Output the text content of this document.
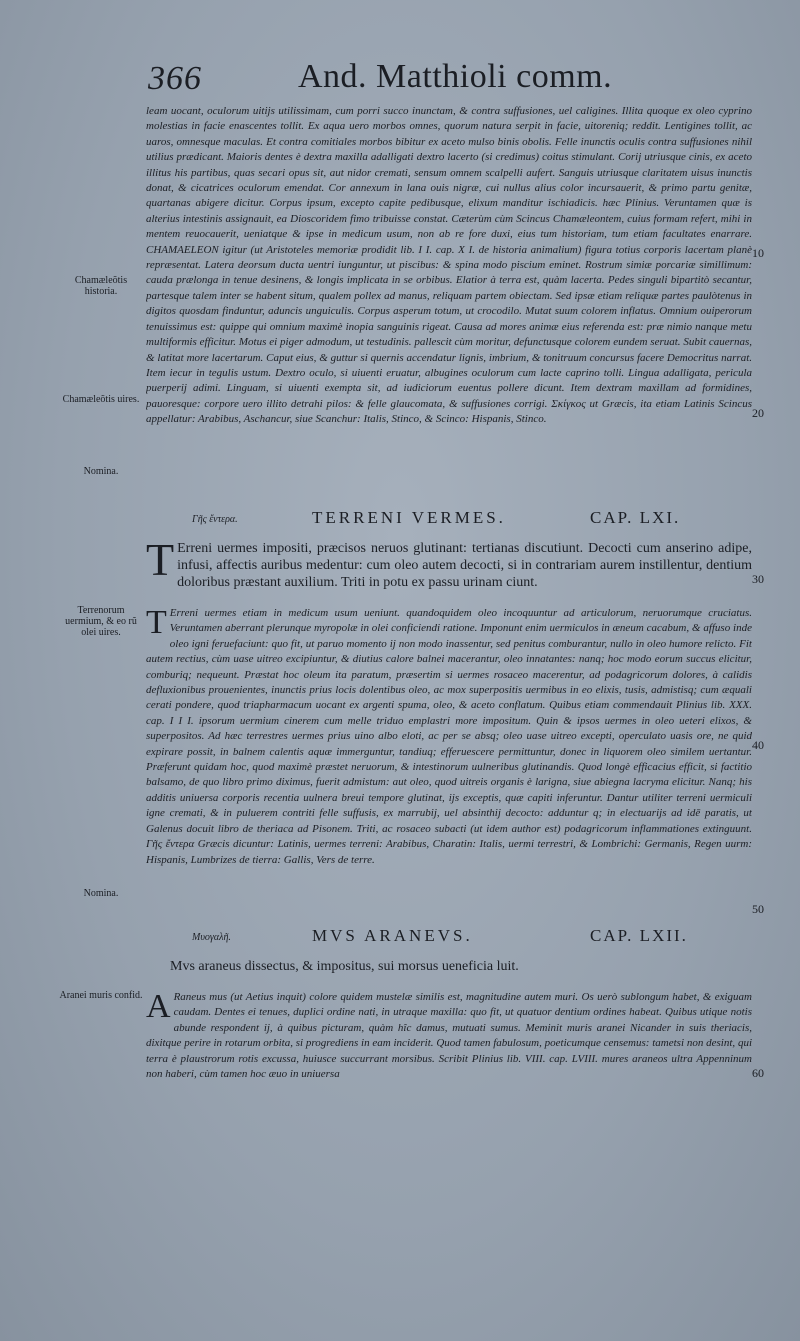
366	And. Matthioli comm.
Chamæleõtis historia.
Chamæleõtis uires.
Nomina.
Terrenorum uermium, & eo rũ olei uires.
Nomina.
Aranei muris confid.
10
20
30
40
50
60

leam uocant, oculorum uitijs utilissimam, cum porri succo inunctam, & contra suffusiones, uel caligines. Illita quoque ex oleo cyprino molestias in facie enascentes tollit. Ex aqua uero morbos omnes, quorum natura serpit in facie, uitoreniq; reddit. Lentigines tollit, ac uaros, omnesque maculas. Et contra comitiales morbos bibitur ex aceto mulso binis obolis. Felle inunctis oculis contra suffusiones nihil utilius prædicant. Maioris dentes è dextra maxilla adalligati dextro lacerto (si credimus) coitus stimulant. Corij utriusque cinis, ex aceto illitus his partibus, quas secari opus sit, aut nidor cremati, sensum omnem scalpelli aufert. Sanguis utriusque claritatem uisus inunctis donat, & cicatrices oculorum emendat. Cor annexum in lana ouis nigræ, cui nullus alius color incursauerit, & primo partu genitæ, quartanas abigere dicitur. Corpus ipsum, excepto capite pedibusque, elixum manditur ischiadicis. hæc Plinius. Veruntamen quæ is alterius intestinis assignauit, ea Dioscoridem fimo tribuisse constat. Cæterùm cùm Scincus Chamæleontem, cuius formam refert, mihi in mentem reuocauerit, ueniatque & ipse in medicum usum, non ab re fore duxi, eius tum historiam, tum etiam facultates enarrare. CHAMAELEON igitur (ut Aristoteles memoriæ prodidit lib. I I. cap. X I. de historia animalium) figura totius corporis lacertam planè repræsentat. Latera deorsum ducta uentri iunguntur, ut piscibus: & spina modo piscium eminet. Rostrum simiæ porcariæ simillimum: cauda prælonga in tenue desinens, & longis implicata in se orbibus. Elatior à terra est, quàm lacerta. Pedes singuli bipartitò secantur, partesque talem inter se habent situm, qualem pollex ad manus, reliquam partem obiectam. Sed ipsæ etiam reliquæ partes paulòtenus in digitos quosdam finduntur, aduncis unguiculis. Corpus asperum totum, ut crocodilo. Mutat suum colorem inflatus. Omnium ouiperorum tenuissimus est: quippe qui omnium maximè inopia sanguinis rigeat. Causa ad mores animæ eius referenda est: præ nimio nanque metu multiformis efficitur. Motus ei piger admodum, ut testudinis. pallescit cùm moritur, defunctusque colorem eundem seruat. Subit cauernas, & latitat more lacertarum. Caput eius, & guttur si quernis accendatur lignis, imbrium, & tonitruum concursus facere Democritus narrat. Item iecur in tegulis ustum. Dextro oculo, si uiuenti eruatur, albugines oculorum cum lacte caprino tolli. Lingua adalligata, pericula puerperij adimi. Linguam, si uiuenti exempta sit, ad iudiciorum euentus pollere dicunt. Item dextram maxillam ad formidines, pauoresque: corpore uero illito detrahi pilos: & felle glaucomata, & suffusiones corrigi. Σκίγκος ut Græcis, ita etiam Latinis Scincus appellatur: Arabibus, Aschancur, siue Scanchur: Italis, Stinco, & Scinco: Hispanis, Stinco.

Γῆς ἔντερα.	TERRENI VERMES.	CAP. LXI.
T Erreni uermes impositi, præcisos neruos glutinant: tertianas discutiunt. Decocti cum anserino adipe, infusi, affectis auribus medentur: cum oleo autem decocti, si in contrariam aurem instillentur, dentium doloribus præstant auxilium. Triti in potu ex passu urinam ciunt.

T Erreni uermes etiam in medicum usum ueniunt. quandoquidem oleo incoquuntur ad articulorum, neruorumque cruciatus. Veruntamen aberrant plerunque myropolæ in olei conficiendi ratione. Imponunt enim uermiculos in æneum cacabum, & affuso inde oleo igni feruefaciunt: quo fit, ut paruo momento ij non modo inassentur, sed penitus comburantur, nullo in oleo humore relicto. Fit autem rectius, cùm uase uitreo excipiuntur, & diutius calore balnei macerantur, oleo innatantes: nanq; hoc modo eorum succus elicitur, comburiq; nequeunt. Præstat hoc oleum ita paratum, præsertim si uermes rosaceo macerentur, ad podagricorum dolores, à calidis defluxionibus prouenientes, inunctis prius locis dolentibus oleo, ac mox superpositis uermibus in eo elixis, tusis, admistisq; cum æquali cerati pondere, quod triapharmacum uocant ex argenti spuma, oleo, & aceto conflatum. Quibus etiam commendauit Plinius lib. XXX. cap. I I I. ipsorum uermium cinerem cum melle triduo emplastri more impositum. Quin & ipsos uermes in oleo ueteri elixos, & superpositos. Ad hæc terrestres uermes prius uino albo eloti, ac per se absq; oleo uase uitreo excepti, operculato uasis ore, ne quid expirare possit, in balnem calentis aquæ immerguntur, tandiuq; efferuescere permittuntur, donec in liquorem oleo similem uertantur. Præferunt quidam hoc, quod maximè præstet neruorum, & intestinorum uulneribus glutinandis. Quod longè efficacius efficit, si factitio balsamo, de quo libro primo diximus, fuerit admistum: aut oleo, quod uitreis organis è larigna, siue abiegna lacryma elicitur. Nanq; his additis uniuersa corporis recentia uulnera breui tempore glutinat, ijs exceptis, quæ capiti inferuntur. Dantur utiliter terreni uermiculi igne cremati, & in puluerem contriti felle suffusis, ex marrubij, uel absinthij decocto: adduntur q; in electuarijs ad idē paratis, ut Galenus docuit libro de theriaca ad Pisonem. Triti, ac rosaceo subacti (ut idem author est) podagricorum inflammationes extinguunt. Γῆς ἔντερα Græcis dicuntur: Latinis, uermes terreni: Arabibus, Charatin: Italis, uermi terrestri, & Lombrichi: Germanis, Regen uurm: Hispanis, Lumbrizes de tierra: Gallis, Vers de terre.

Μυογαλῆ.	MVS ARANEVS.	CAP. LXII.

Mvs araneus dissectus, & impositus, sui morsus ueneficia luit.

A Raneus mus (ut Aetius inquit) colore quidem mustelæ similis est, magnitudine autem muri. Os uerò sublongum habet, & exiguam caudam. Dentes ei tenues, duplici ordine nati, in utraque maxilla: quo fit, ut quatuor dentium ordines habeat. Quibus utique notis abunde respondent ij, à quibus picturam, quàm hîc damus, mutuati sumus. Meminit muris aranei Nicander in suis theriacis, dixitque perire in rotarum orbita, si progrediens in eam inciderit. Quod tamen fabulosum, poeticumque censemus: tametsi non desint, qui terra è plaustrorum rotis excussa, huiusce succurrant morsibus. Scribit Plinius lib. VIII. cap. LVIII. mures araneos ultra Appenninum non haberi, cùm tamen hoc æuo in uniuersa
